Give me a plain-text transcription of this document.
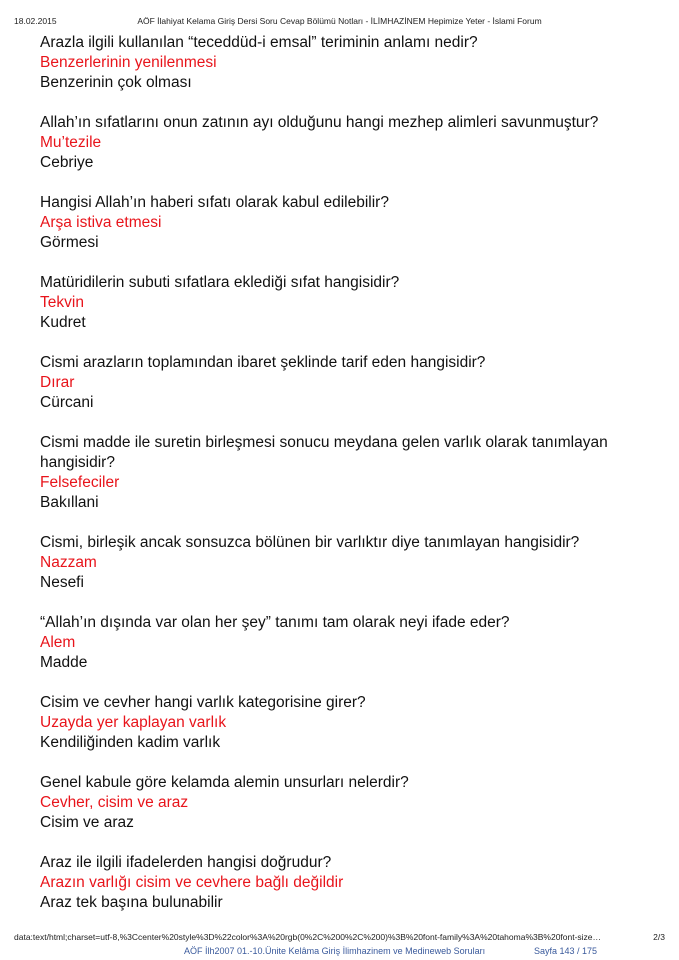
18.02.2015	AÖF İlahiyat Kelama Giriş Dersi Soru Cevap Bölümü Notları - İLİMHAZİNEM Hepimize Yeter - İslami Forum

Arazla ilgili kullanılan “teceddüd-i emsal” teriminin anlamı nedir?

Benzerlerinin yenilenmesi

Benzerinin çok olması

Allah’ın sıfatlarını onun zatının ayı olduğunu hangi mezhep alimleri savunmuştur?

Mu’tezile

Cebriye

Hangisi Allah’ın haberi sıfatı olarak kabul edilebilir?

Arşa istiva etmesi

Görmesi

Matüridilerin subuti sıfatlara eklediği sıfat hangisidir?

Tekvin

Kudret

Cismi arazların toplamından ibaret şeklinde tarif eden hangisidir?

Dırar

Cürcani

Cismi madde ile suretin birleşmesi sonucu meydana gelen varlık olarak tanımlayan hangisidir?

Felsefeciler

Bakıllani

Cismi, birleşik ancak sonsuzca bölünen bir varlıktır diye tanımlayan hangisidir?

Nazzam

Nesefi

“Allah’ın dışında var olan her şey” tanımı tam olarak neyi ifade eder?

Alem

Madde

Cisim ve cevher hangi varlık kategorisine girer?

Uzayda yer kaplayan varlık

Kendiliğinden kadim varlık

Genel kabule göre kelamda alemin unsurları nelerdir?

Cevher, cisim ve araz

Cisim ve araz

Araz ile ilgili ifadelerden hangisi doğrudur?

Arazın varlığı cisim ve cevhere bağlı değildir

Araz tek başına bulunabilir

data:text/html;charset=utf-8,%3Ccenter%20style%3D%22color%3A%20rgb(0%2C%200%2C%200)%3B%20font-family%3A%20tahoma%3B%20font-size…	2/3
AÖF İlh2007 01.-10.Ünite Kelâma Giriş İlimhazinem ve Medineweb Soruları	Sayfa 143 / 175
